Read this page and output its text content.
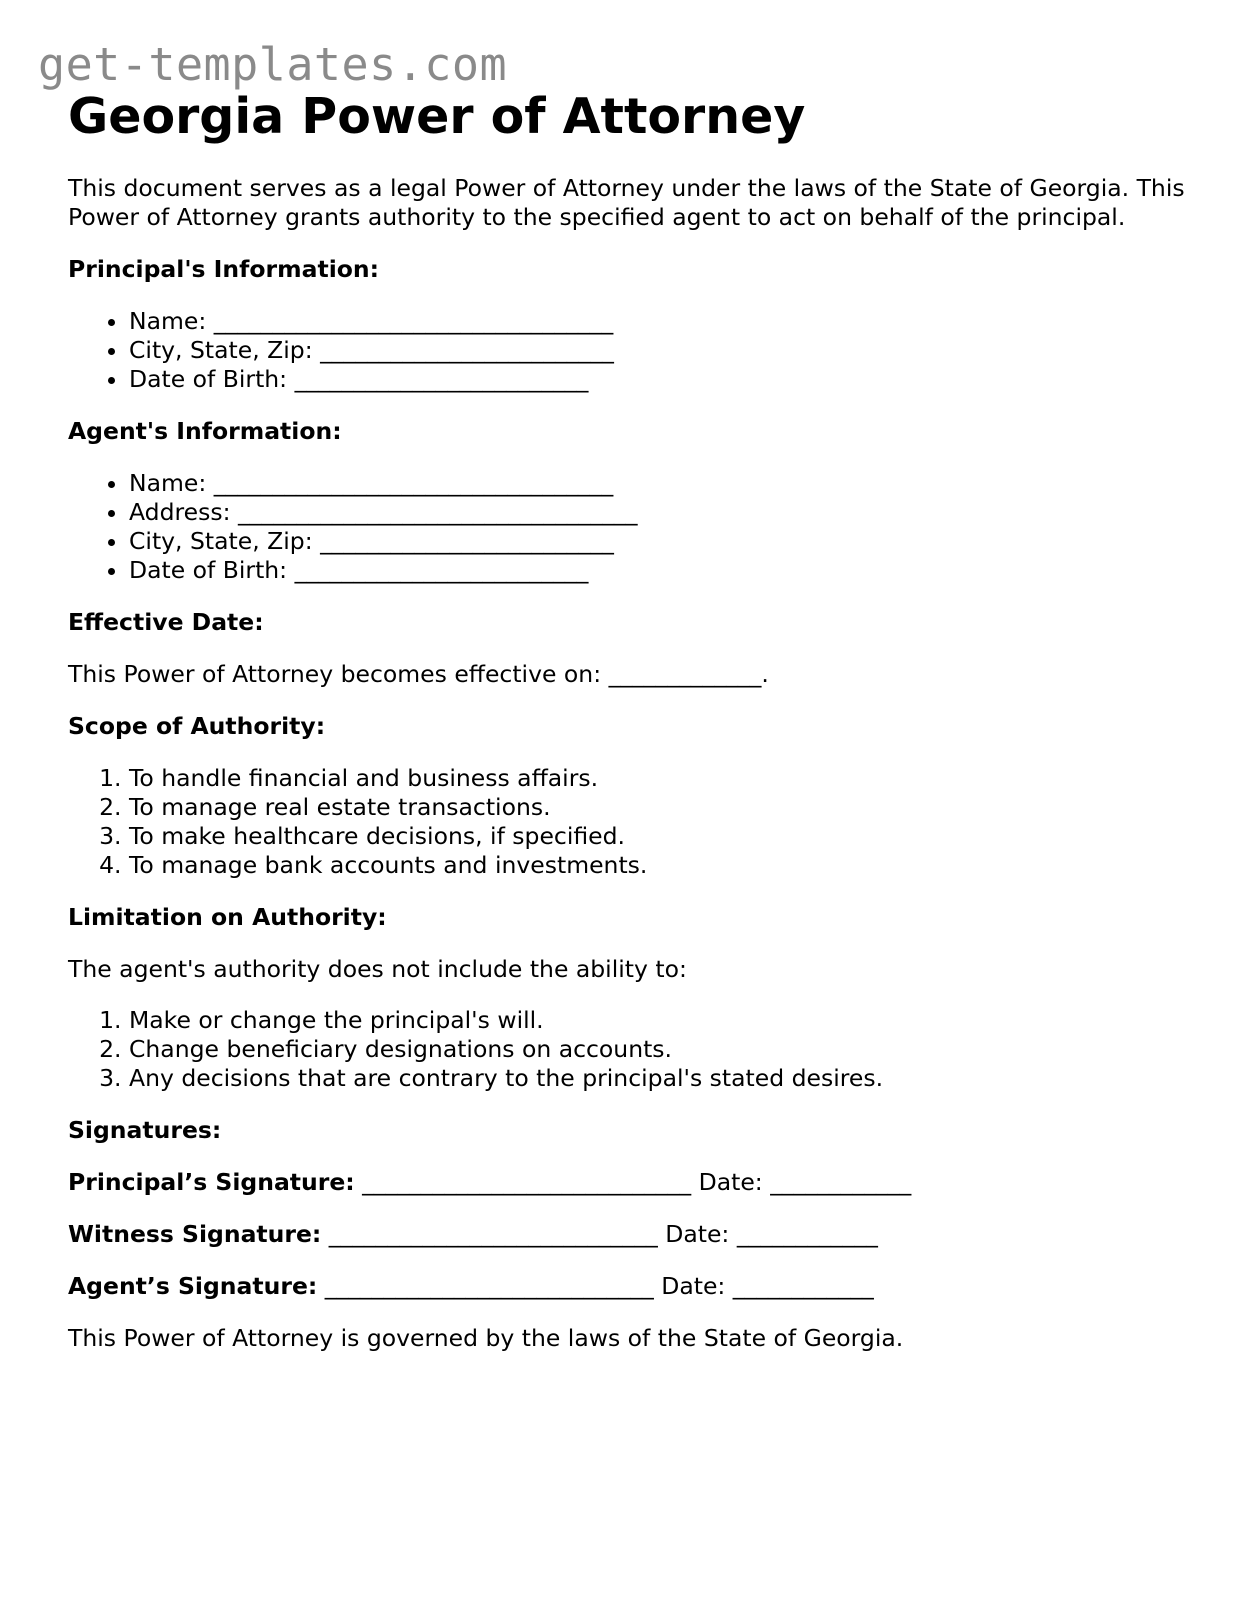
get-templates.com
Georgia Power of Attorney

This document serves as a legal Power of Attorney under the laws of the State of Georgia. This Power of Attorney grants authority to the specified agent to act on behalf of the principal.

Principal's Information:
• Name: __________________________________
• City, State, Zip: _________________________
• Date of Birth: _________________________
Agent's Information:
• Name: __________________________________
• Address: __________________________________
• City, State, Zip: _________________________
• Date of Birth: _________________________
Effective Date:

This Power of Attorney becomes effective on: _____________.

Scope of Authority:
1. To handle financial and business affairs.
2. To manage real estate transactions.
3. To make healthcare decisions, if specified.
4. To manage bank accounts and investments.
Limitation on Authority:

The agent's authority does not include the ability to:

1. Make or change the principal's will.
2. Change beneficiary designations on accounts.
3. Any decisions that are contrary to the principal's stated desires.
Signatures:
Principal’s Signature: ____________________________ Date: ____________
Witness Signature: ____________________________ Date: ____________
Agent’s Signature: ____________________________ Date: ____________

This Power of Attorney is governed by the laws of the State of Georgia.
